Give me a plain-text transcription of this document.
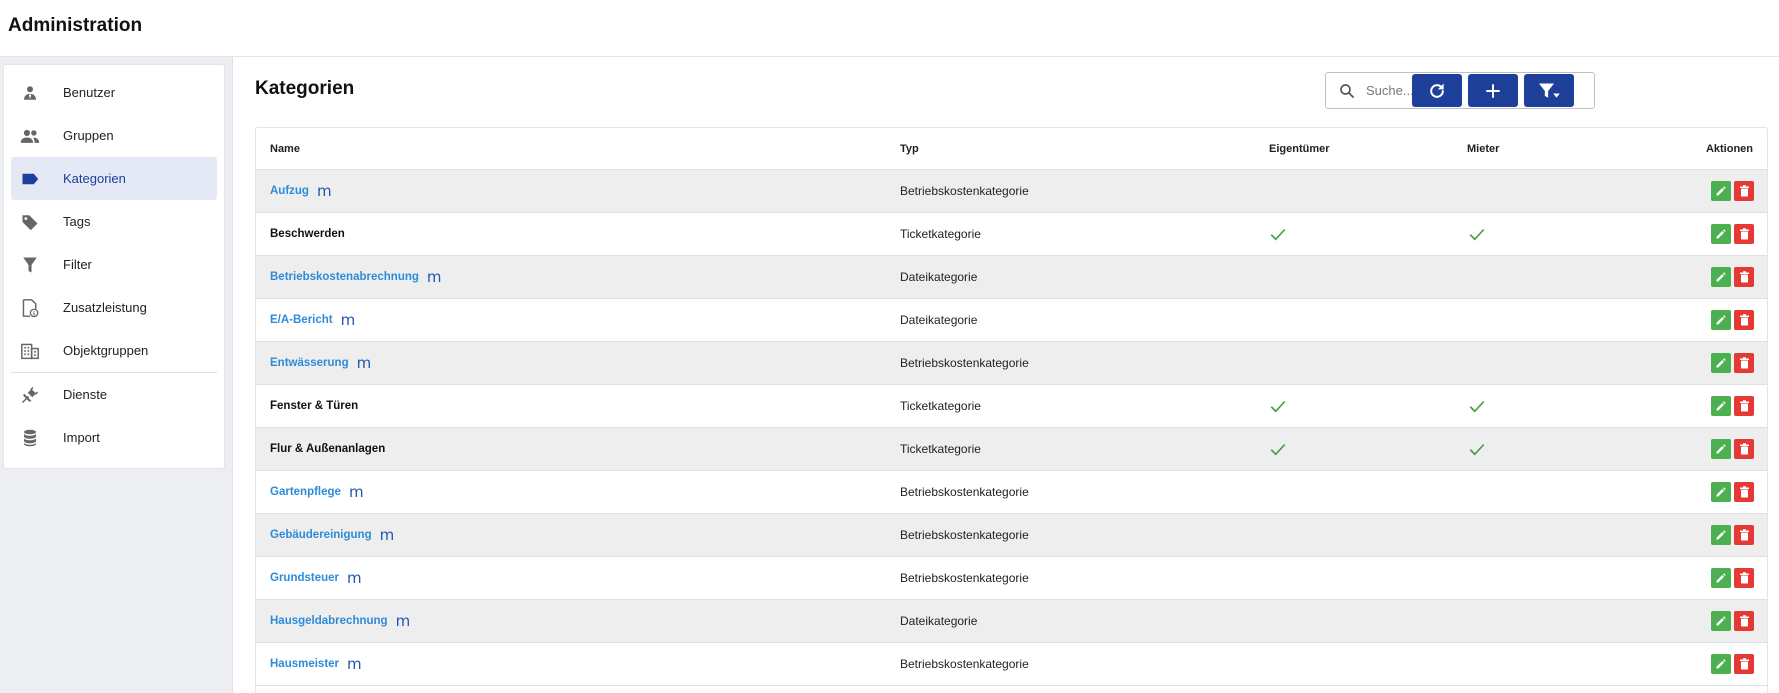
Administration
Benutzer
Gruppen
Kategorien
Tags
Filter
$ Zusatzleistung
Objektgruppen
Dienste
Import
Kategorien
Suche...
Name	Typ	Eigentümer	Mieter	Aktionen
Aufzug m	Betriebskostenkategorie
Beschwerden	Ticketkategorie
Betriebskostenabrechnung m	Dateikategorie
E/A-Bericht m	Dateikategorie
Entwässerung m	Betriebskostenkategorie
Fenster & Türen	Ticketkategorie
Flur & Außenanlagen	Ticketkategorie
Gartenpflege m	Betriebskostenkategorie
Gebäudereinigung m	Betriebskostenkategorie
Grundsteuer m	Betriebskostenkategorie
Hausgeldabrechnung m	Dateikategorie
Hausmeister m	Betriebskostenkategorie
